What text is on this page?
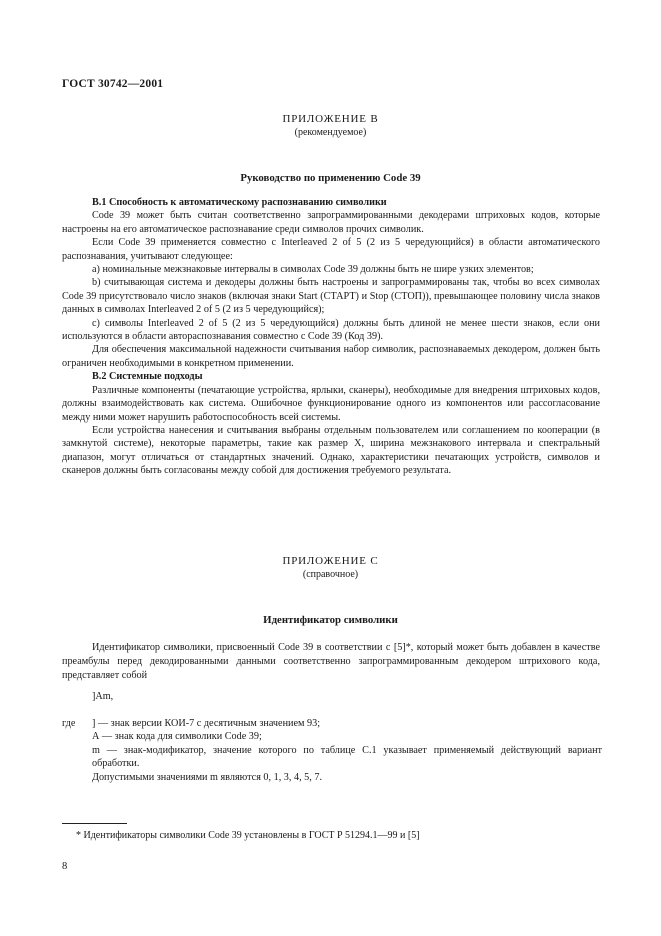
ГОСТ 30742—2001
ПРИЛОЖЕНИЕ В
(рекомендуемое)
Руководство по применению Code 39
В.1 Способность к автоматическому распознаванию символики

Code 39 может быть считан соответственно запрограммированными декодерами штриховых кодов, которые настроены на его автоматическое распознавание среди символов прочих символик.

Если Code 39 применяется совместно с Interleaved 2 of 5 (2 из 5 чередующийся) в области автоматического распознавания, учитывают следующее:

а) номинальные межзнаковые интервалы в символах Code 39 должны быть не шире узких элементов;

b) считывающая система и декодеры должны быть настроены и запрограммированы так, чтобы во всех символах Code 39 присутствовало число знаков (включая знаки Start (СТАРТ) и Stop (СТОП)), превышающее половину числа знаков данных в символах Interleaved 2 of 5 (2 из 5 чередующийся);

с) символы Interleaved 2 of 5 (2 из 5 чередующийся) должны быть длиной не менее шести знаков, если они используются в области автораспознавания совместно с Code 39 (Код 39).

Для обеспечения максимальной надежности считывания набор символик, распознаваемых декодером, должен быть ограничен необходимыми в конкретном применении.

В.2 Системные подходы

Различные компоненты (печатающие устройства, ярлыки, сканеры), необходимые для внедрения штриховых кодов, должны взаимодействовать как система. Ошибочное функционирование одного из компонентов или рассогласование между ними может нарушить работоспособность всей системы.

Если устройства нанесения и считывания выбраны отдельным пользователем или соглашением по кооперации (в замкнутой системе), некоторые параметры, такие как размер X, ширина межзнакового интервала и спектральный диапазон, могут отличаться от стандартных значений. Однако, характеристики печатающих устройств, символов и сканеров должны быть согласованы между собой для достижения требуемого результата.

ПРИЛОЖЕНИЕ С
(справочное)
Идентификатор символики

Идентификатор символики, присвоенный Code 39 в соответствии с [5]*, который может быть добавлен в качестве преамбулы перед декодированными данными соответственно запрограммированным декодером штрихового кода, представляет собой

]Am,
где	] — знак версии КОИ-7 с десятичным значением 93;
А — знак кода для символики Code 39;
m — знак-модификатор, значение которого по таблице С.1 указывает применяемый действующий вариант обработки.
Допустимыми значениями m являются 0, 1, 3, 4, 5, 7.
* Идентификаторы символики Code 39 установлены в ГОСТ Р 51294.1—99 и [5]
8
